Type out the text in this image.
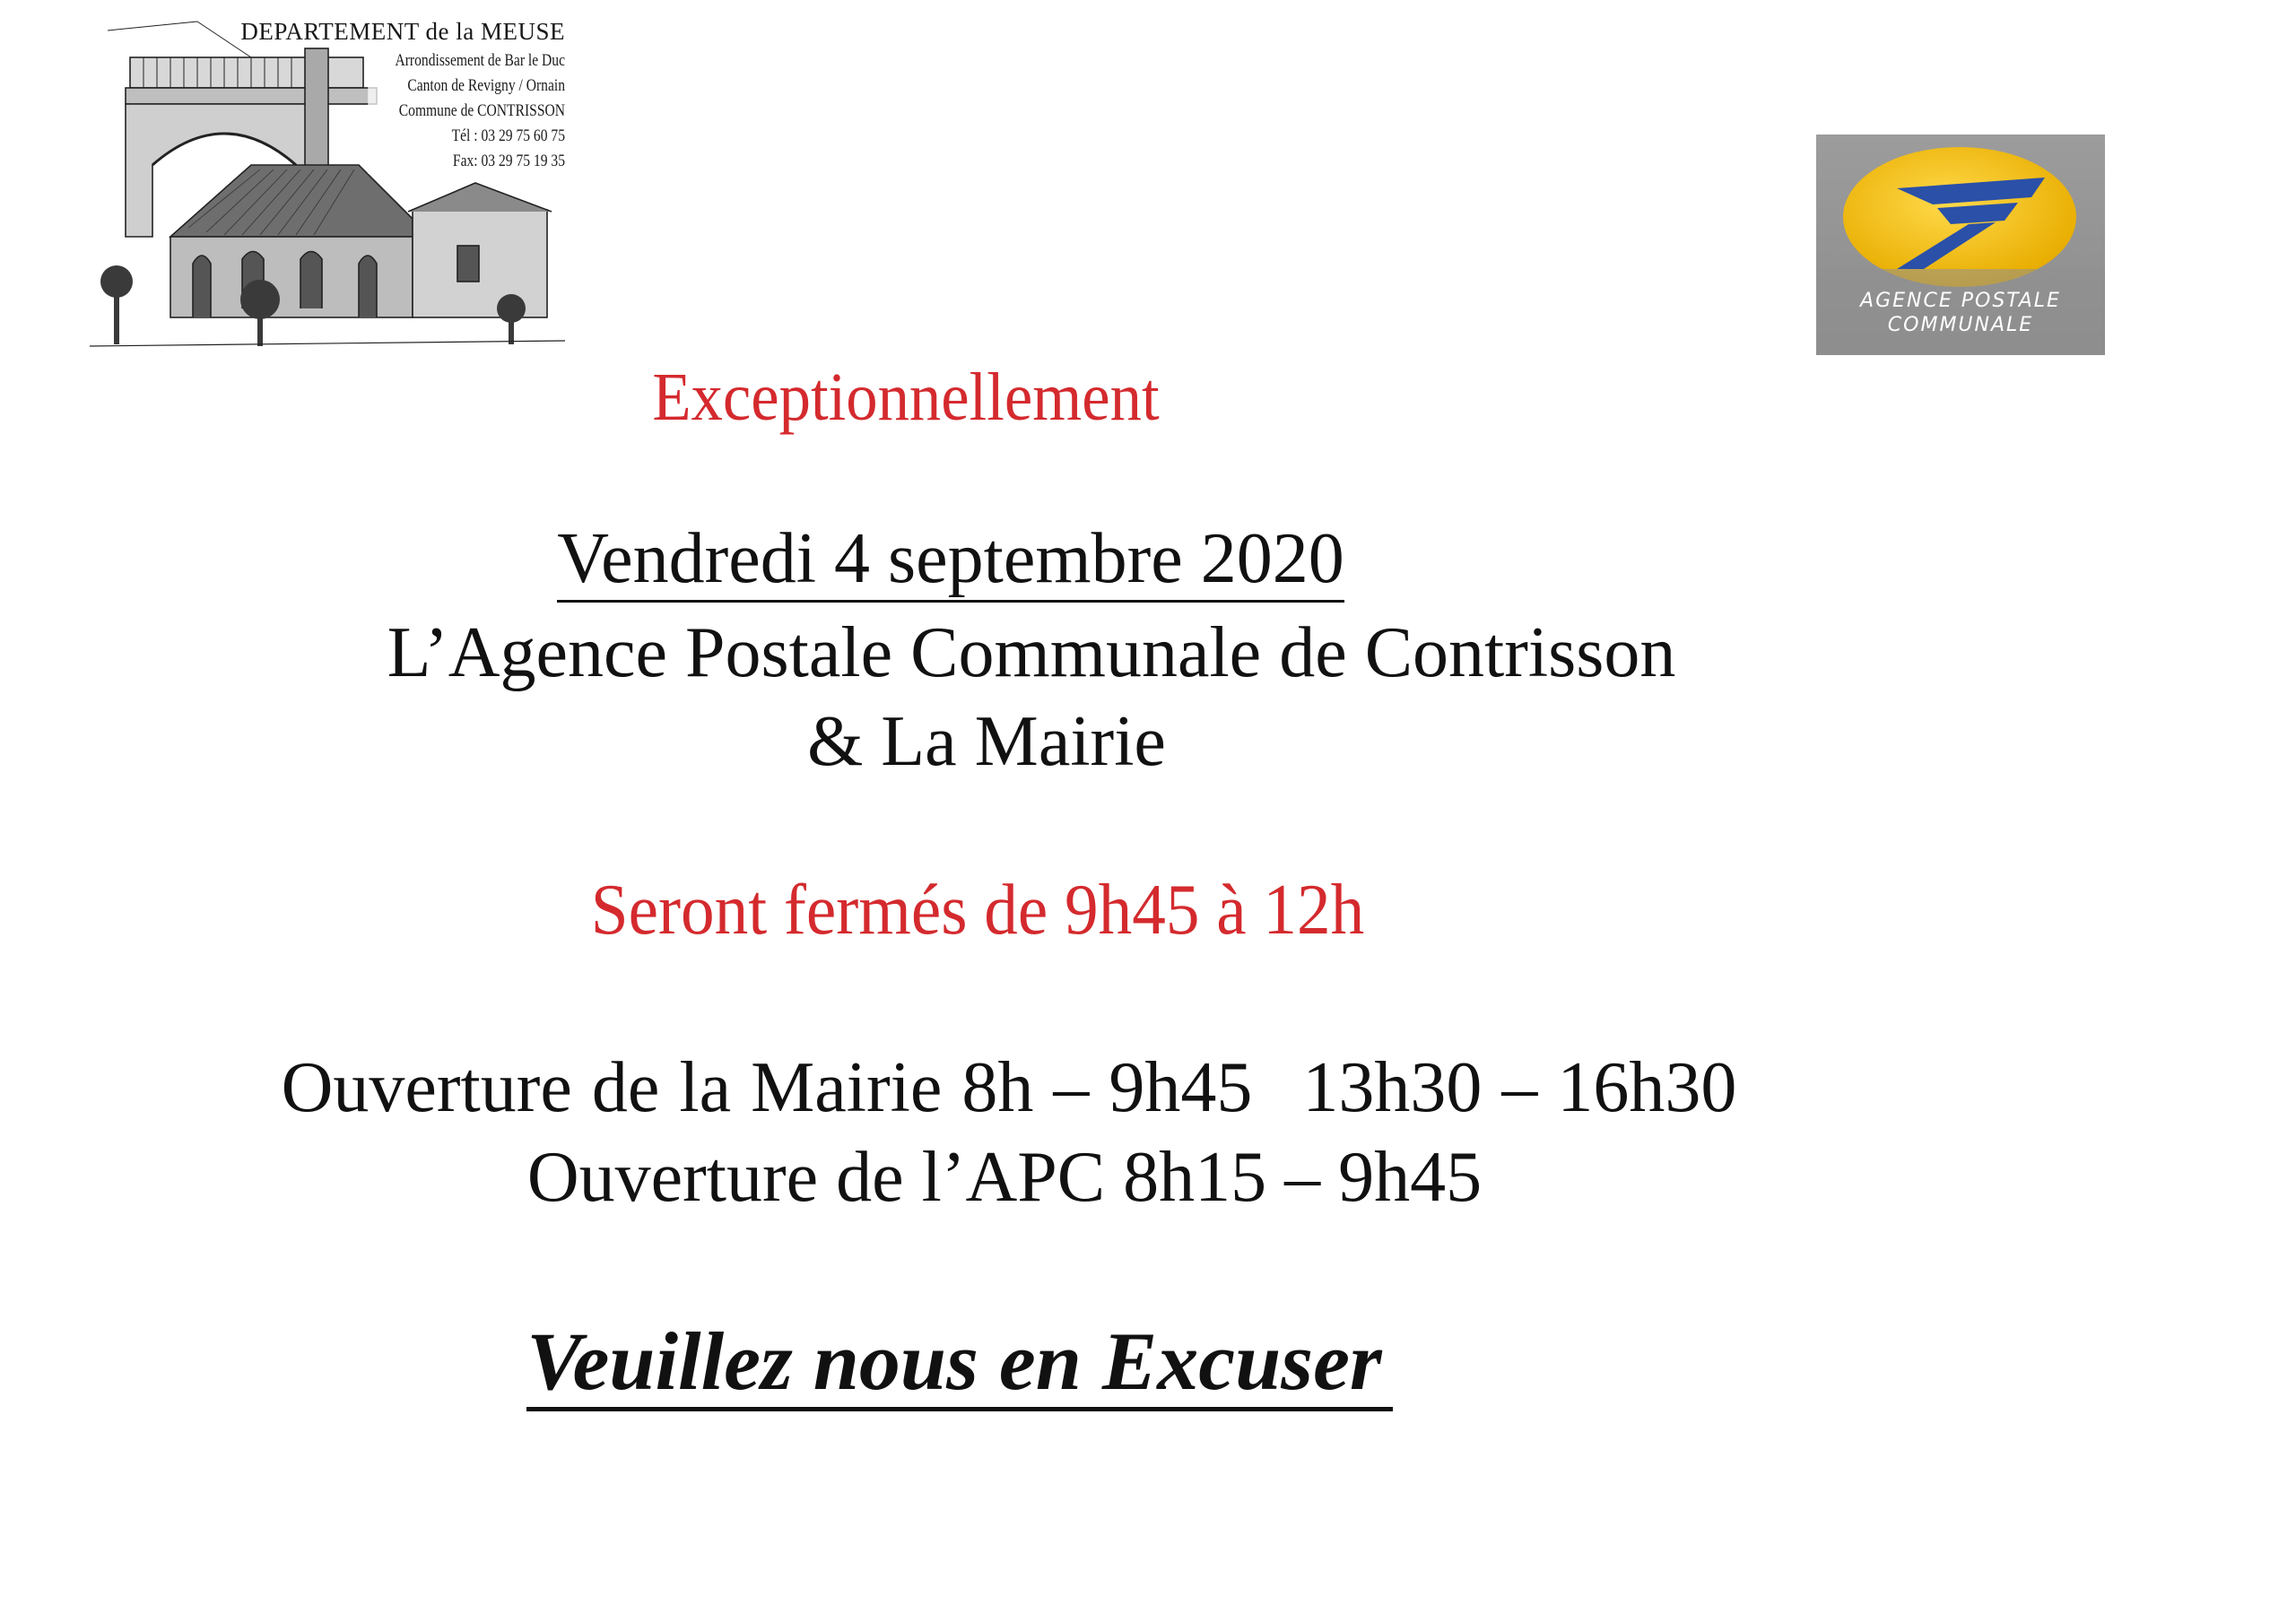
DEPARTEMENT de la MEUSE
Arrondissement de Bar le Duc
Canton de Revigny / Ornain
Commune de CONTRISSON
Tél : 03 29 75 60 75
Fax: 03 29 75 19 35
AGENCE POSTALE
COMMUNALE

Exceptionnellement

Vendredi 4 septembre 2020

L’Agence Postale Communale de Contrisson

& La Mairie

Seront fermés de 9h45 à 12h

Ouverture de la Mairie 8h – 9h45 13h30 – 16h30

Ouverture de l’APC 8h15 – 9h45

Veuillez nous en Excuser
